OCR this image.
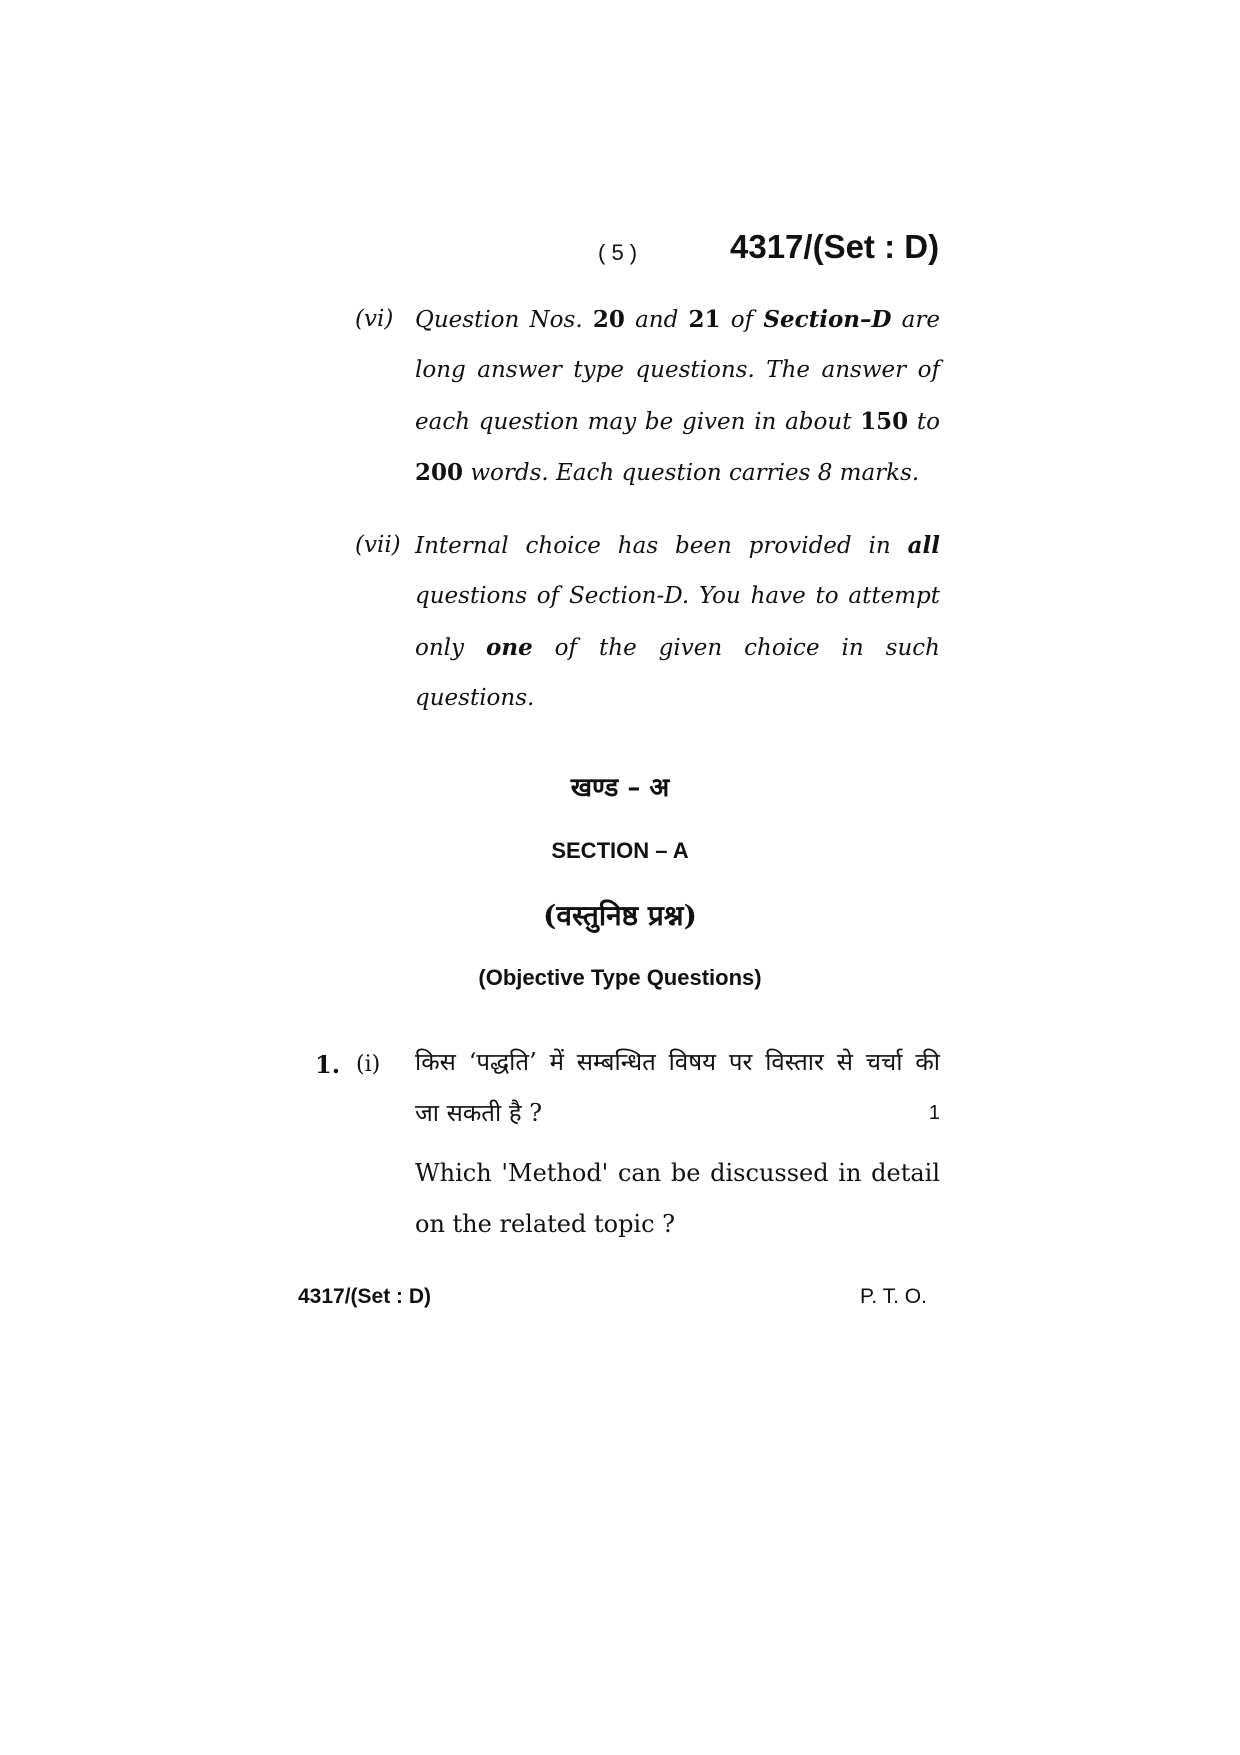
( 5 )	4317/(Set : D)
(vi) Question Nos. 20 and 21 of Section–D are
long answer type questions. The answer of
each question may be given in about 150 to
200 words. Each question carries 8 marks.
(vii) Internal choice has been provided in all
questions of Section-D. You have to attempt
only one of the given choice in such
questions.
खण्ड – अ
SECTION – A
(वस्तुनिष्ठ प्रश्न)
(Objective Type Questions)
1. (i) किस ‘पद्धति’ में सम्बन्धित विषय पर विस्तार से चर्चा की
जा सकती है ?	1
Which 'Method' can be discussed in detail
on the related topic ?
4317/(Set : D)	P. T. O.
